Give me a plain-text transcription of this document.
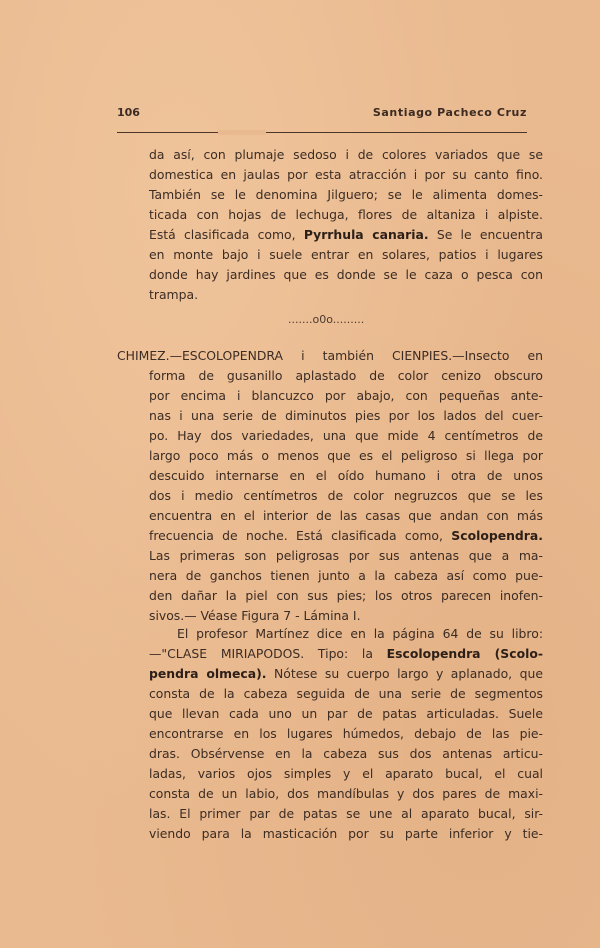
106	Santiago Pacheco Cruz
da así, con plumaje sedoso i de colores variados que se
domestica en jaulas por esta atracción i por su canto fino.
También se le denomina Jilguero; se le alimenta domes-
ticada con hojas de lechuga, flores de altaniza i alpiste.
Está clasificada como, Pyrrhula canaria. Se le encuentra
en monte bajo i suele entrar en solares, patios i lugares
donde hay jardines que es donde se le caza o pesca con
trampa.
.......o0o.........
CHIMEZ.—ESCOLOPENDRA i también CIENPIES.—Insecto en
forma de gusanillo aplastado de color cenizo obscuro
por encima i blancuzco por abajo, con pequeñas ante-
nas i una serie de diminutos pies por los lados del cuer-
po. Hay dos variedades, una que mide 4 centímetros de
largo poco más o menos que es el peligroso si llega por
descuido internarse en el oído humano i otra de unos
dos i medio centímetros de color negruzcos que se les
encuentra en el interior de las casas que andan con más
frecuencia de noche. Está clasificada como, Scolopendra.
Las primeras son peligrosas por sus antenas que a ma-
nera de ganchos tienen junto a la cabeza así como pue-
den dañar la piel con sus pies; los otros parecen inofen-
sivos.— Véase Figura 7 - Lámina I.
El profesor Martínez dice en la página 64 de su libro:
—"CLASE MIRIAPODOS. Tipo: la Escolopendra (Scolo-
pendra olmeca). Nótese su cuerpo largo y aplanado, que
consta de la cabeza seguida de una serie de segmentos
que llevan cada uno un par de patas articuladas. Suele
encontrarse en los lugares húmedos, debajo de las pie-
dras. Obsérvense en la cabeza sus dos antenas articu-
ladas, varios ojos simples y el aparato bucal, el cual
consta de un labio, dos mandíbulas y dos pares de maxi-
las. El primer par de patas se une al aparato bucal, sir-
viendo para la masticación por su parte inferior y tie-
